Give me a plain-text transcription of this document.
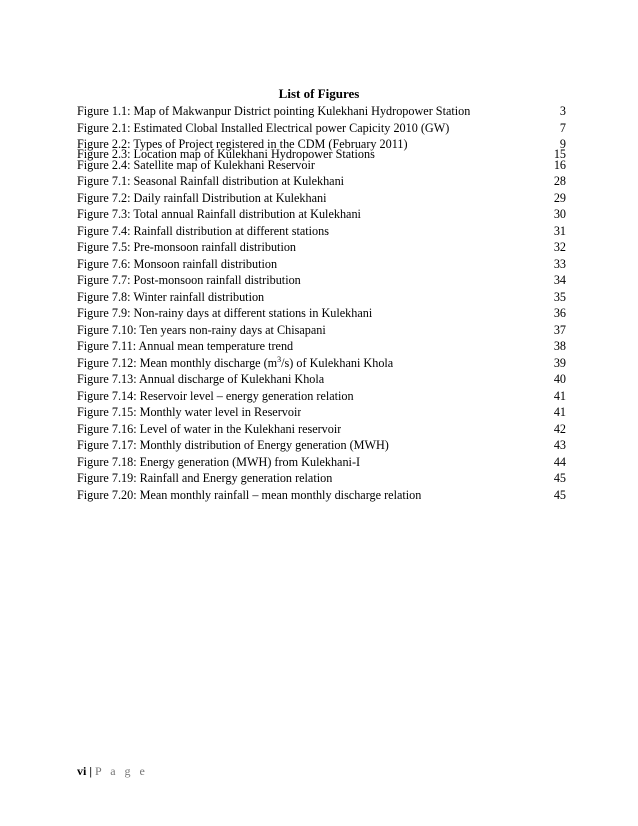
List of Figures
Figure 1.1: Map of Makwanpur District pointing Kulekhani Hydropower Station	3
Figure 2.1: Estimated Clobal Installed Electrical power Capicity 2010 (GW)	7
Figure 2.2: Types of Project registered in the CDM (February 2011)	9
Figure 2.3: Location map of Kulekhani Hydropower Stations	15
Figure 2.4: Satellite map of Kulekhani Reservoir	16
Figure 7.1: Seasonal Rainfall distribution at Kulekhani	28
Figure 7.2: Daily rainfall Distribution at Kulekhani	29
Figure 7.3: Total annual Rainfall distribution at Kulekhani	30
Figure 7.4: Rainfall distribution at different stations	31
Figure 7.5: Pre-monsoon rainfall distribution	32
Figure 7.6: Monsoon rainfall distribution	33
Figure 7.7: Post-monsoon rainfall distribution	34
Figure 7.8: Winter rainfall distribution	35
Figure 7.9: Non-rainy days at different stations in Kulekhani	36
Figure 7.10: Ten years non-rainy days at Chisapani	37
Figure 7.11: Annual mean temperature trend	38
Figure 7.12: Mean monthly discharge $(m^3/s)$ of Kulekhani Khola	39
Figure 7.13: Annual discharge of Kulekhani Khola	40
Figure 7.14: Reservoir level – energy generation relation	41
Figure 7.15: Monthly water level in Reservoir	41
Figure 7.16: Level of water in the Kulekhani reservoir	42
Figure 7.17: Monthly distribution of Energy generation (MWH)	43
Figure 7.18: Energy generation (MWH) from Kulekhani-I	44
Figure 7.19: Rainfall and Energy generation relation	45
Figure 7.20: Mean monthly rainfall – mean monthly discharge relation	45
vi | P a g e
